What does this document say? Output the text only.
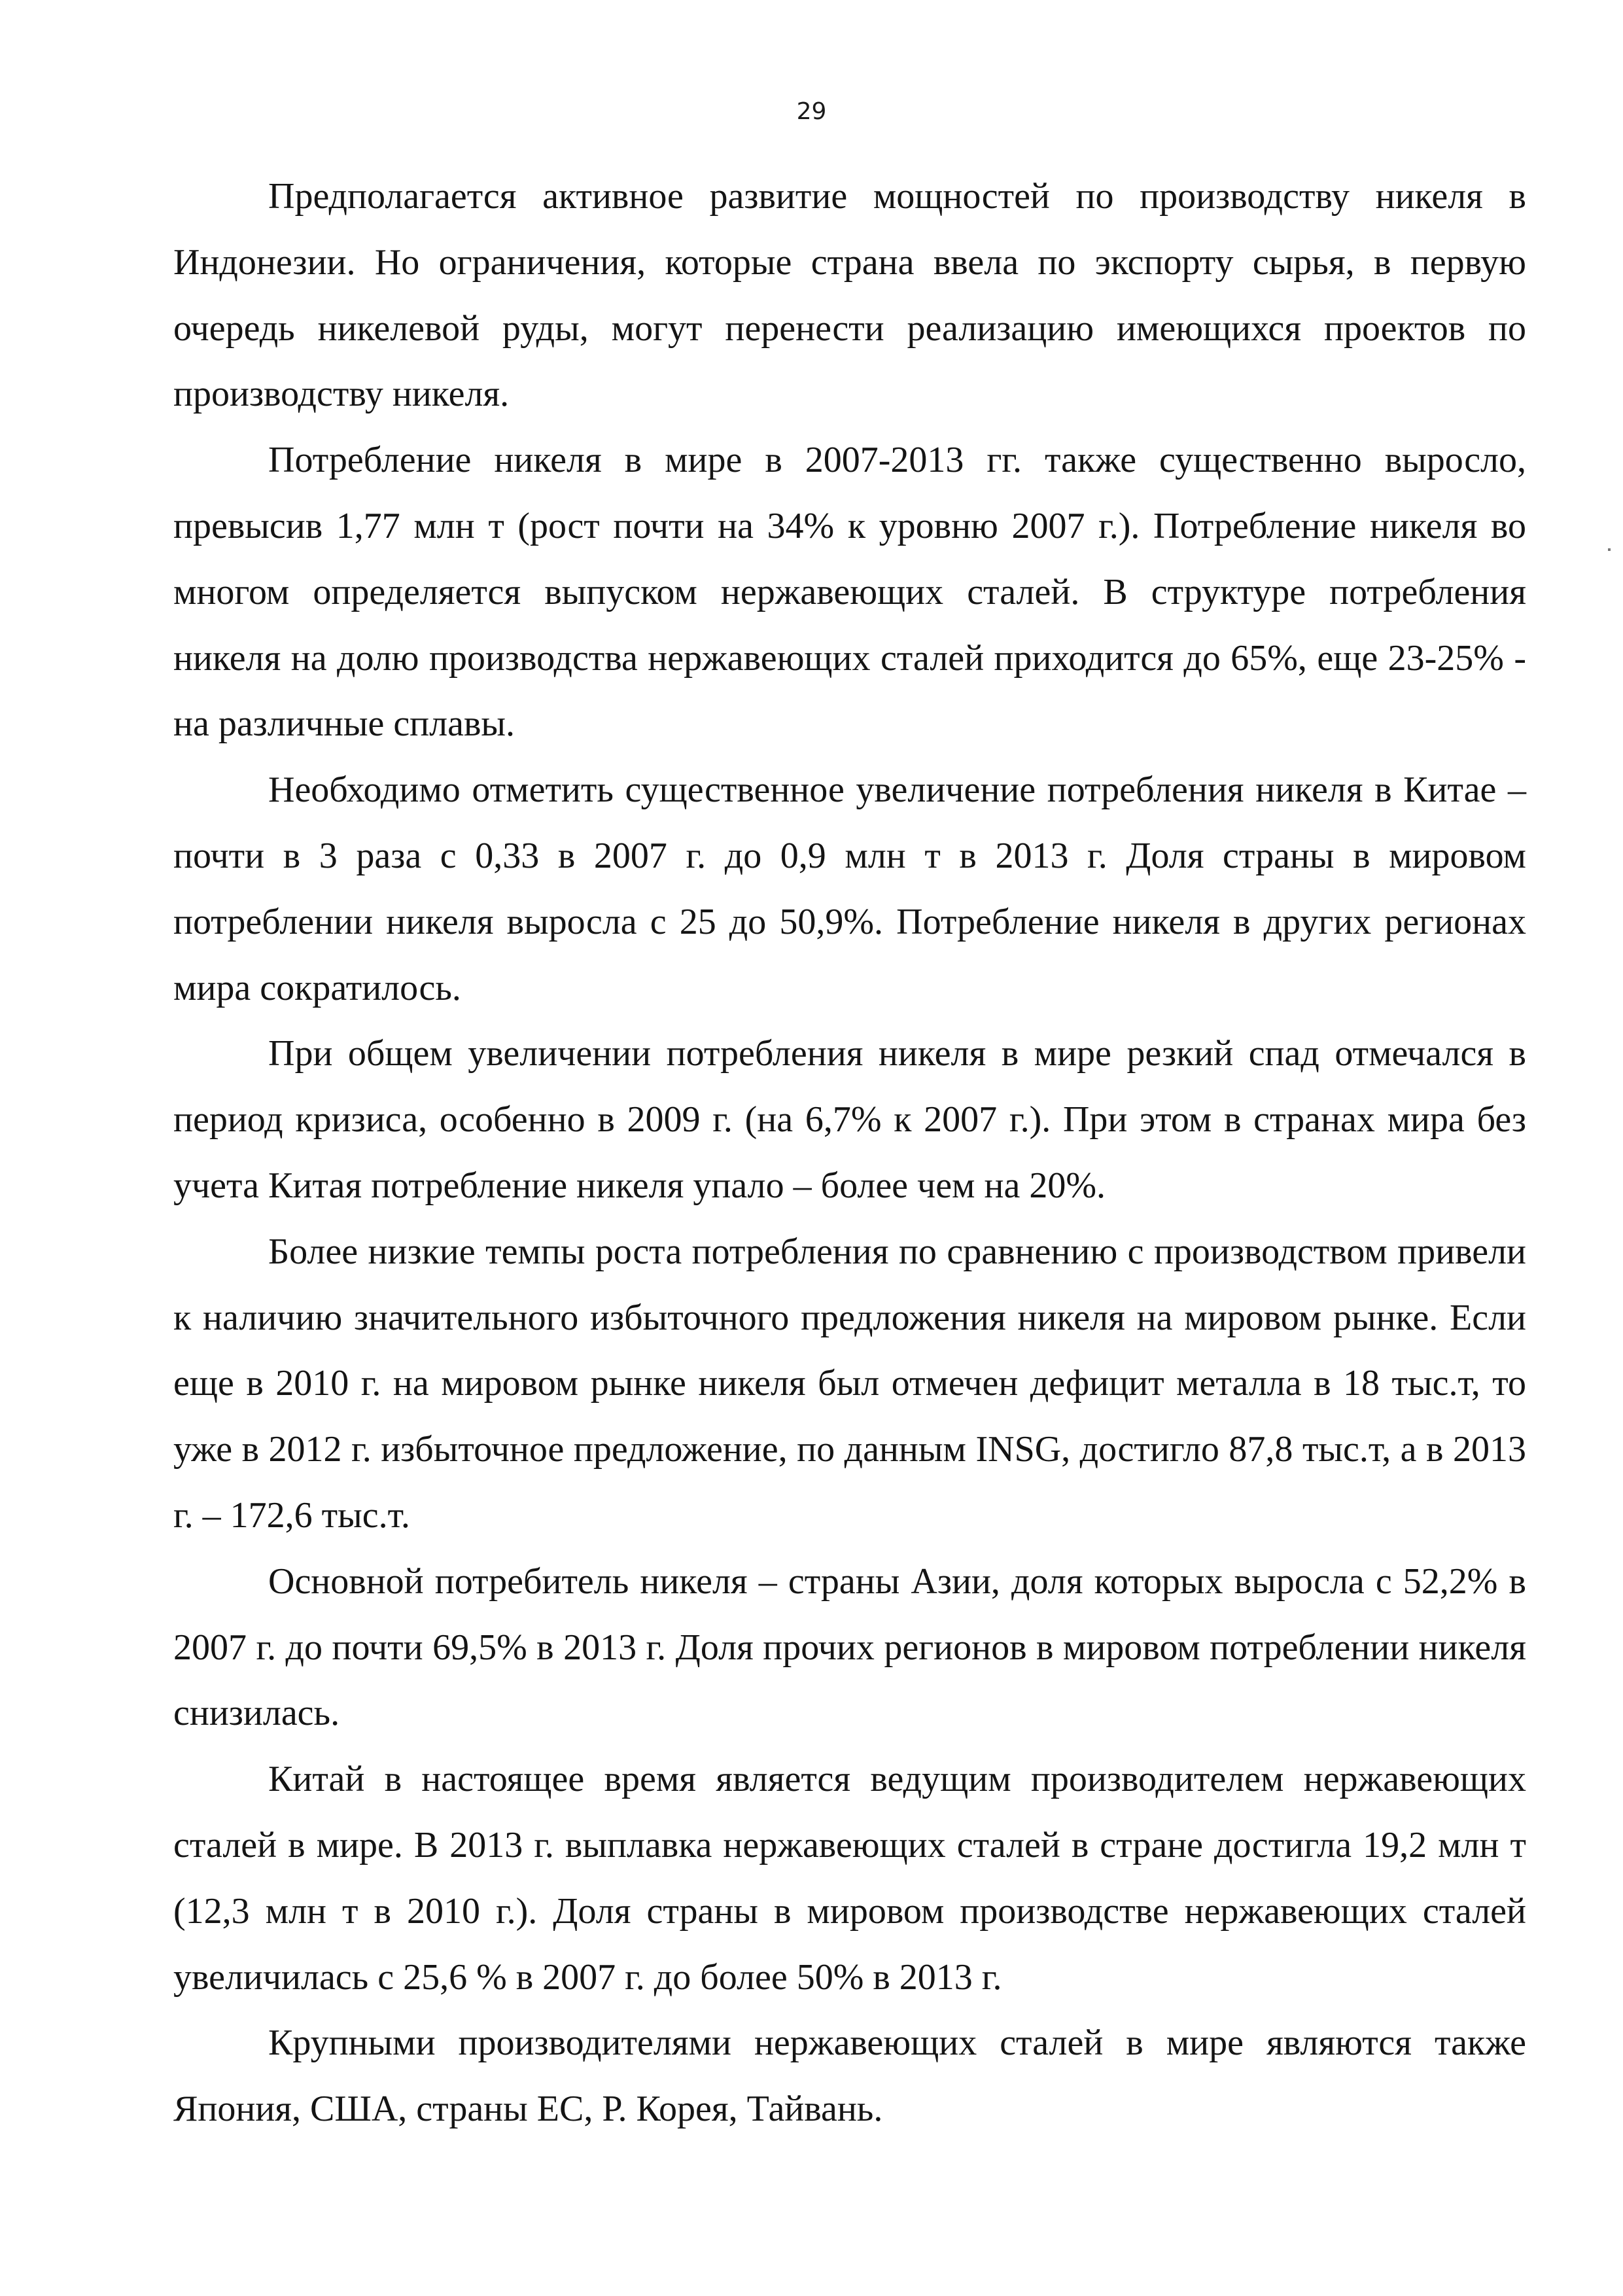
29

Предполагается активное развитие мощностей по производству никеля в Индонезии. Но ограничения, которые страна ввела по экспорту сырья, в первую очередь никелевой руды, могут перенести реализацию имеющихся проектов по производству никеля.

Потребление никеля в мире в 2007-2013 гг. также существенно выросло, превысив 1,77 млн т (рост почти на 34% к уровню 2007 г.). Потребление никеля во многом определяется выпуском нержавеющих сталей. В структуре потребления никеля на долю производства нержавеющих сталей приходится до 65%, еще 23-25% - на различные сплавы.

Необходимо отметить существенное увеличение потребления никеля в Китае – почти в 3 раза с 0,33 в 2007 г. до 0,9 млн т в 2013 г. Доля страны в мировом потреблении никеля выросла с 25 до 50,9%. Потребление никеля в других регионах мира сократилось.

При общем увеличении потребления никеля в мире резкий спад отмечался в период кризиса, особенно в 2009 г. (на 6,7% к 2007 г.). При этом в странах мира без учета Китая потребление никеля упало – более чем на 20%.

Более низкие темпы роста потребления по сравнению с производством привели к наличию значительного избыточного предложения никеля на мировом рынке. Если еще в 2010 г. на мировом рынке никеля был отмечен дефицит металла в 18 тыс.т, то уже в 2012 г. избыточное предложение, по данным INSG, достигло 87,8 тыс.т, а в 2013 г. – 172,6 тыс.т.

Основной потребитель никеля – страны Азии, доля которых выросла с 52,2% в 2007 г. до почти 69,5% в 2013 г. Доля прочих регионов в мировом потреблении никеля снизилась.

Китай в настоящее время является ведущим производителем нержавеющих сталей в мире. В 2013 г. выплавка нержавеющих сталей в стране достигла 19,2 млн т (12,3 млн т в 2010 г.). Доля страны в мировом производстве нержавеющих сталей увеличилась с 25,6 % в 2007 г. до более 50% в 2013 г.

Крупными производителями нержавеющих сталей в мире являются также Япония, США, страны ЕС, Р. Корея, Тайвань.
